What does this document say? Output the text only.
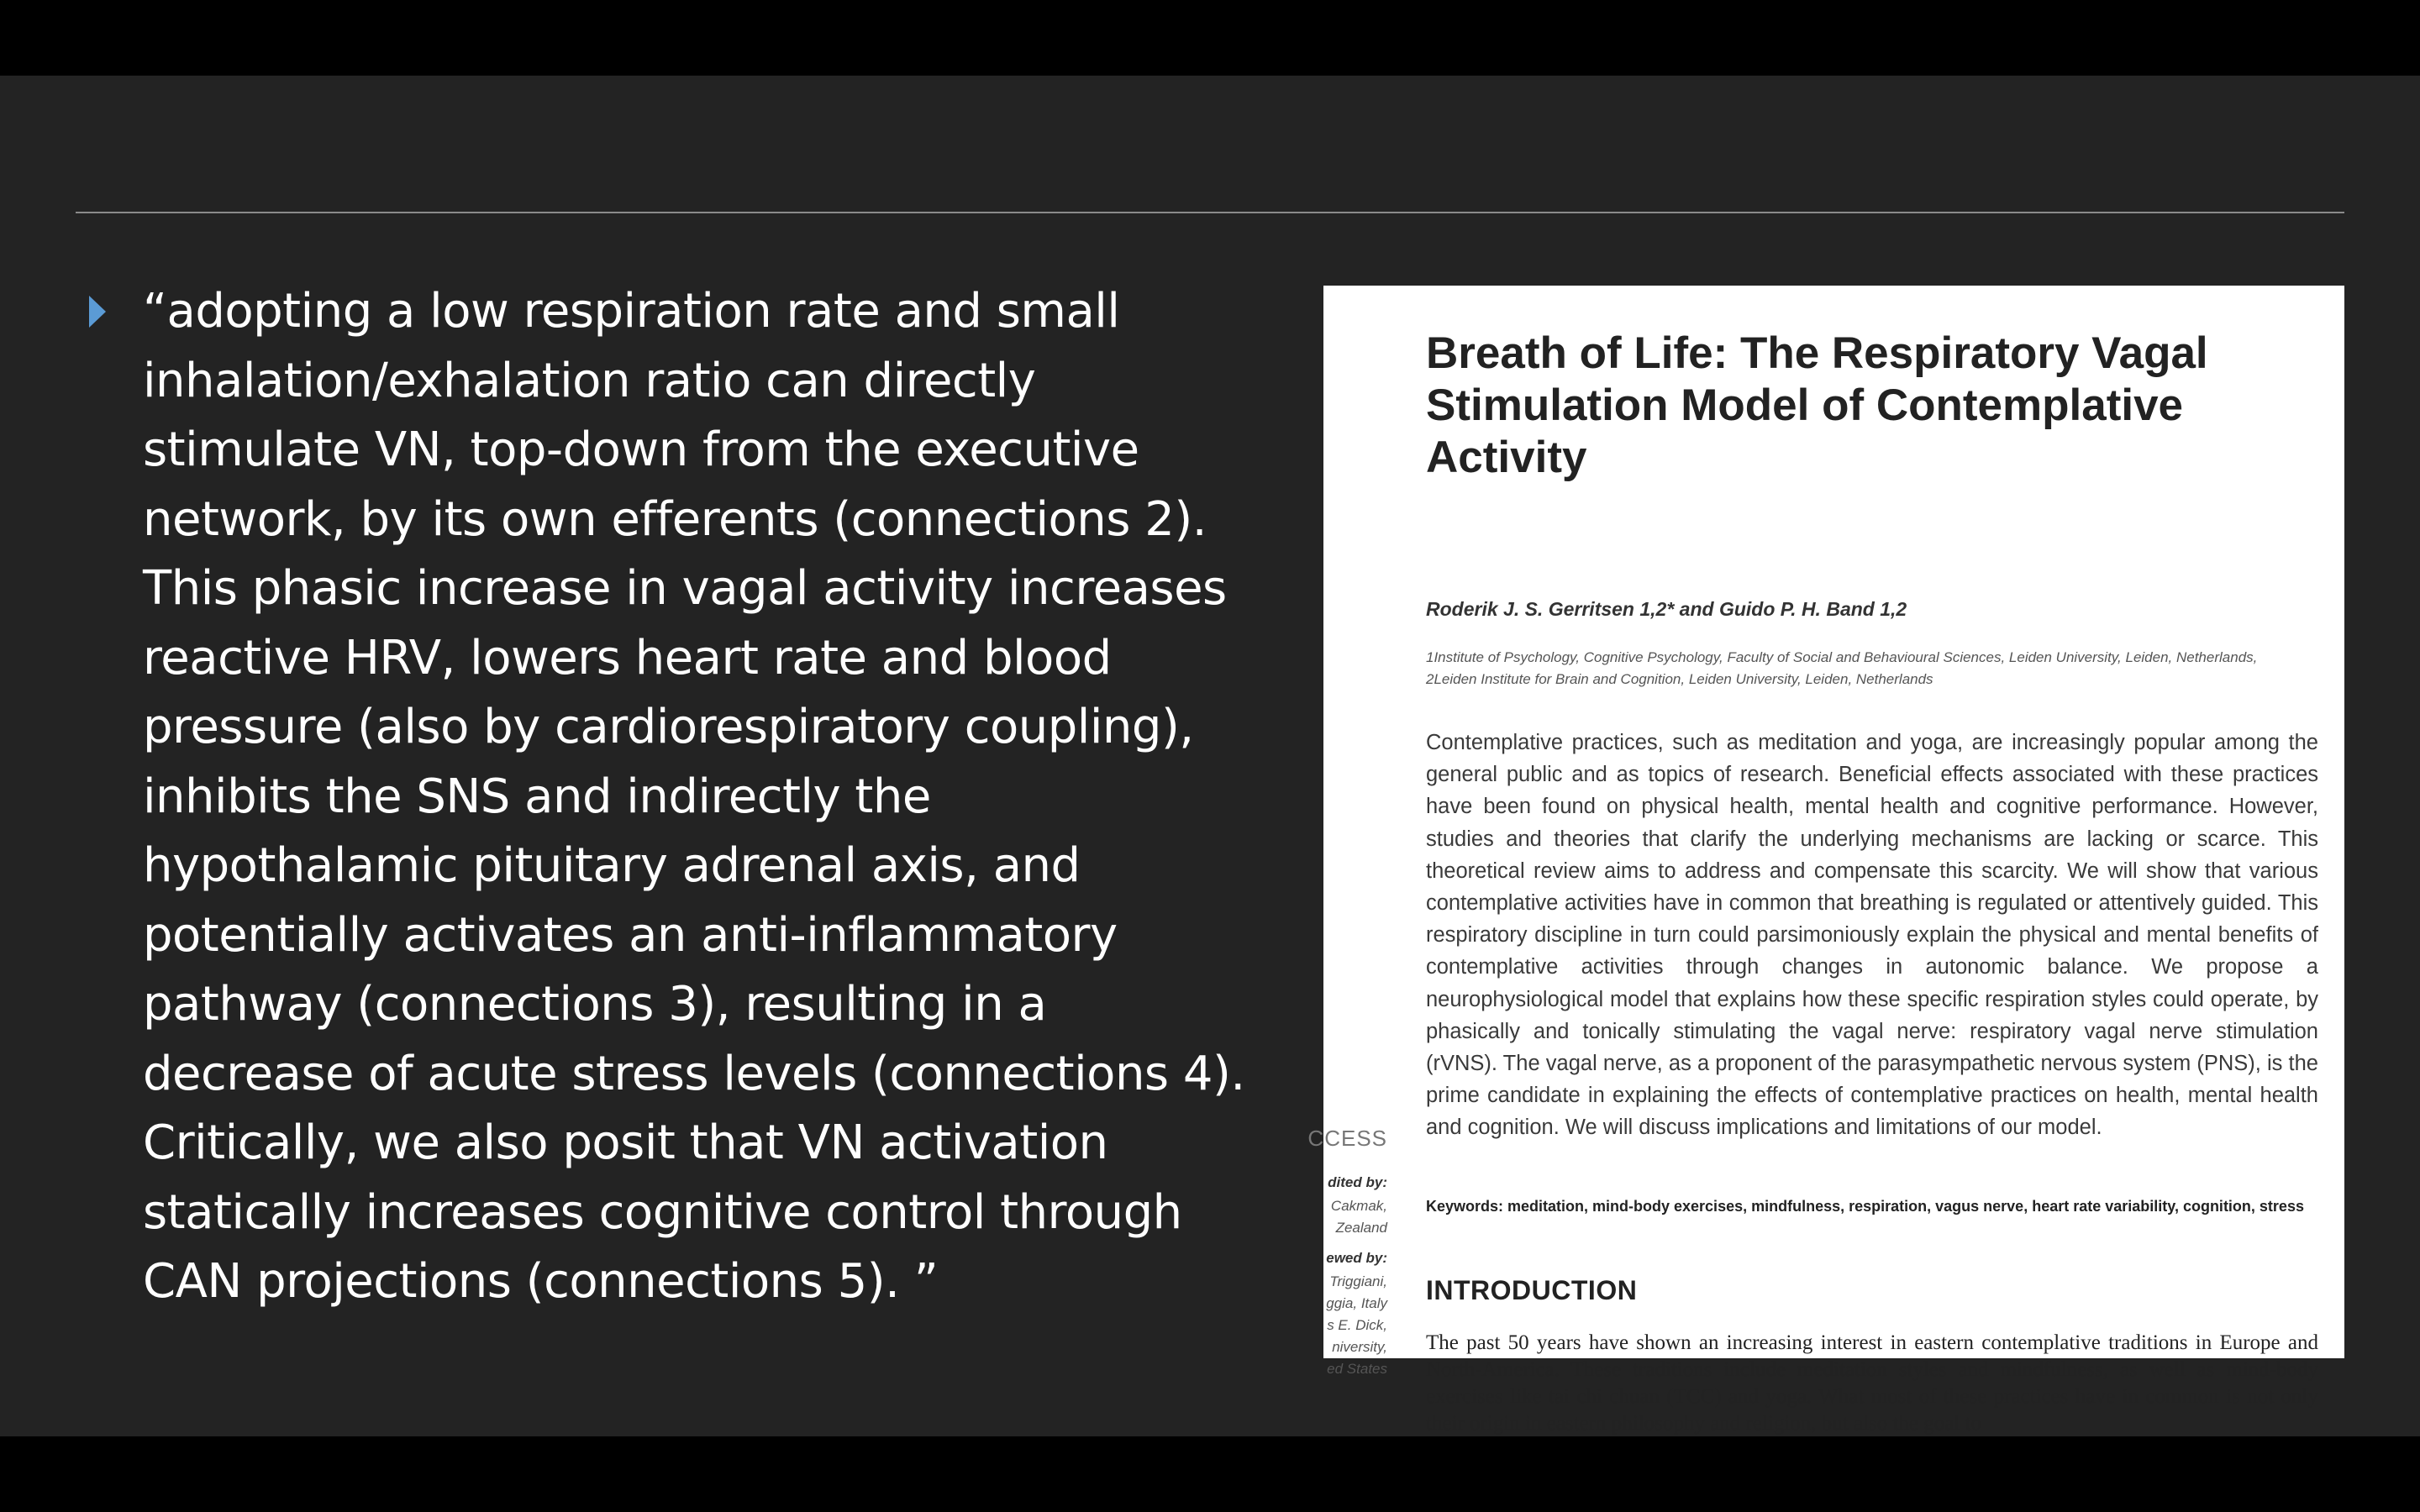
“adopting a low respiration rate and small inhalation/exhalation ratio can directly stimulate VN, top-down from the executive network, by its own efferents (connections 2). This phasic increase in vagal activity increases reactive HRV, lowers heart rate and blood pressure (also by cardiorespiratory coupling), inhibits the SNS and indirectly the hypothalamic pituitary adrenal axis, and potentially activates an anti-inflammatory pathway (connections 3), resulting in a decrease of acute stress levels (connections 4). Critically, we also posit that VN activation statically increases cognitive control through CAN projections (connections 5). ”

CCESS
dited by:
Cakmak,
Zealand
ewed by:
Triggiani,
ggia, Italy
s E. Dick,
niversity,
ed States
Breath of Life: The Respiratory Vagal Stimulation Model of Contemplative Activity
Roderik J. S. Gerritsen 1,2* and Guido P. H. Band 1,2
1Institute of Psychology, Cognitive Psychology, Faculty of Social and Behavioural Sciences, Leiden University, Leiden, Netherlands, 2Leiden Institute for Brain and Cognition, Leiden University, Leiden, Netherlands

Contemplative practices, such as meditation and yoga, are increasingly popular among the general public and as topics of research. Beneficial effects associated with these practices have been found on physical health, mental health and cognitive performance. However, studies and theories that clarify the underlying mechanisms are lacking or scarce. This theoretical review aims to address and compensate this scarcity. We will show that various contemplative activities have in common that breathing is regulated or attentively guided. This respiratory discipline in turn could parsimoniously explain the physical and mental benefits of contemplative activities through changes in autonomic balance. We propose a neurophysiological model that explains how these specific respiration styles could operate, by phasically and tonically stimulating the vagal nerve: respiratory vagal nerve stimulation (rVNS). The vagal nerve, as a proponent of the parasympathetic nervous system (PNS), is the prime candidate in explaining the effects of contemplative practices on health, mental health and cognition. We will discuss implications and limitations of our model.

Keywords: meditation, mind-body exercises, mindfulness, respiration, vagus nerve, heart rate variability, cognition, stress
INTRODUCTION

The past 50 years have shown an increasing interest in eastern contemplative traditions in Europe and North-America. These traditions include meditation styles and mindfulness, as well as mind-body exercises like tai chi chuan (TCC) and yoga. What most of these practices have in common is not only their origin in eastern philosophy and religion, but also the goal to
